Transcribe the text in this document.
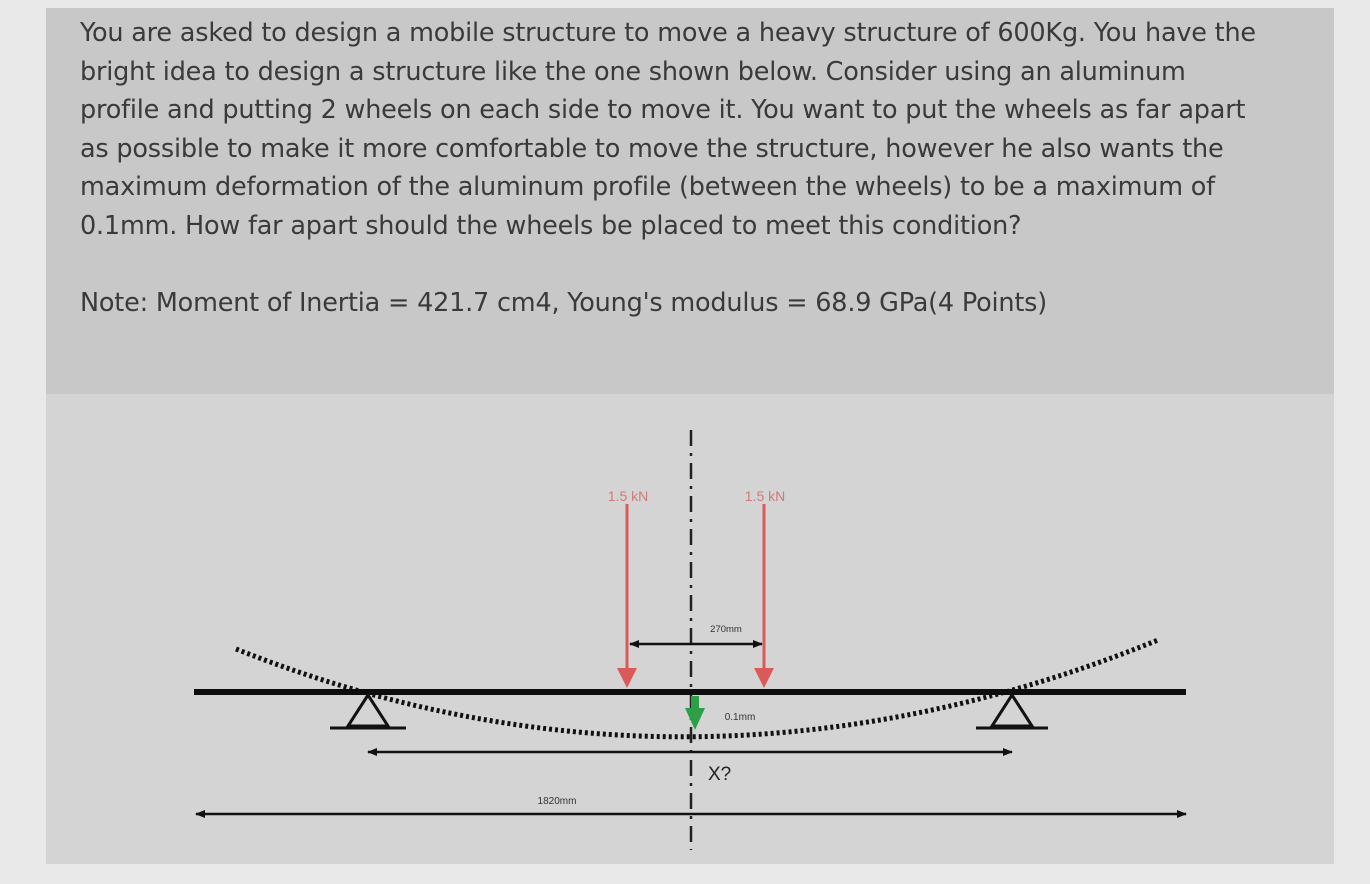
You are asked to design a mobile structure to move a heavy structure of 600Kg. You have the
bright idea to design a structure like the one shown below. Consider using an aluminum
profile and putting 2 wheels on each side to move it. You want to put the wheels as far apart
as possible to make it more comfortable to move the structure, however he also wants the
maximum deformation of the aluminum profile (between the wheels) to be a maximum of
0.1mm. How far apart should the wheels be placed to meet this condition?

Note: Moment of Inertia = 421.7 cm4, Young's modulus = 68.9 GPa(4 Points)

1.5 kN	1.5 kN
270mm
0.1mm
X?
1820mm
